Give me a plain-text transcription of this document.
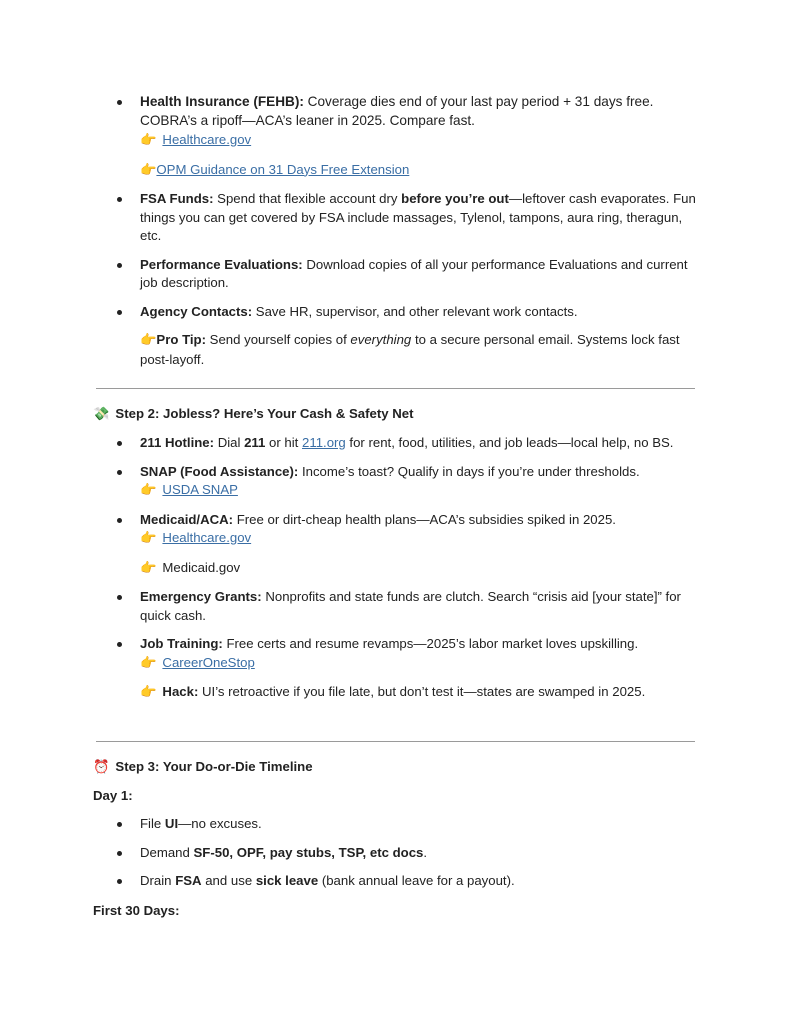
Health Insurance (FEHB): Coverage dies end of your last pay period + 31 days free. COBRA’s a ripoff—ACA’s leaner in 2025. Compare fast.
👉 Healthcare.gov
👉OPM Guidance on 31 Days Free Extension
FSA Funds: Spend that flexible account dry before you’re out—leftover cash evaporates. Fun things you can get covered by FSA include massages, Tylenol, tampons, aura ring, theragun, etc.
Performance Evaluations: Download copies of all your performance Evaluations and current job description.
Agency Contacts: Save HR, supervisor, and other relevant work contacts.
👉Pro Tip: Send yourself copies of everything to a secure personal email. Systems lock fast post-layoff.
💸 Step 2: Jobless? Here’s Your Cash & Safety Net
211 Hotline: Dial 211 or hit 211.org for rent, food, utilities, and job leads—local help, no BS.
SNAP (Food Assistance): Income’s toast? Qualify in days if you’re under thresholds.
👉 USDA SNAP
Medicaid/ACA: Free or dirt-cheap health plans—ACA’s subsidies spiked in 2025.
👉 Healthcare.gov
👉 Medicaid.gov
Emergency Grants: Nonprofits and state funds are clutch. Search “crisis aid [your state]” for quick cash.
Job Training: Free certs and resume revamps—2025’s labor market loves upskilling.
👉 CareerOneStop
👉 Hack: UI’s retroactive if you file late, but don’t test it—states are swamped in 2025.
⏰ Step 3: Your Do-or-Die Timeline
Day 1:
File UI—no excuses.
Demand SF-50, OPF, pay stubs, TSP, etc docs.
Drain FSA and use sick leave (bank annual leave for a payout).
First 30 Days:
